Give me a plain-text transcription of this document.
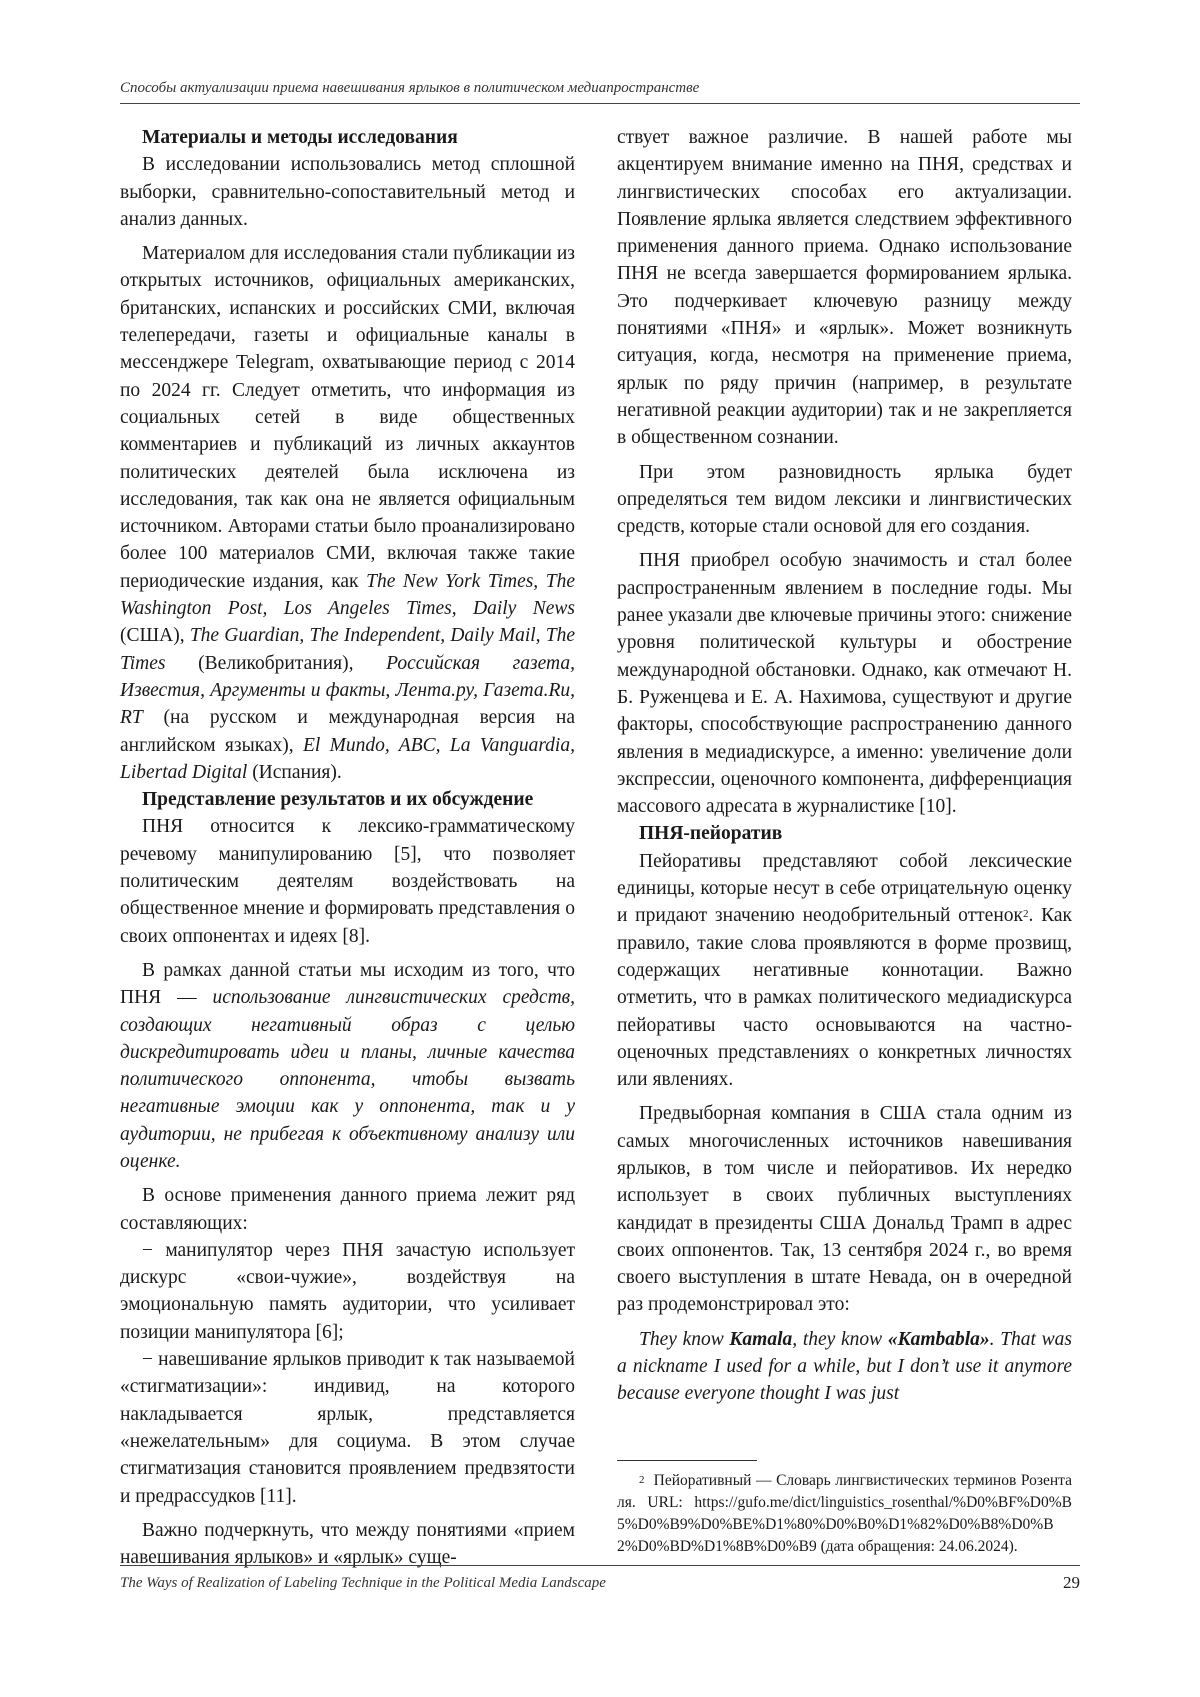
Способы актуализации приема навешивания ярлыков в политическом медиапространстве
Материалы и методы исследования

В исследовании использовались метод сплошной выборки, сравнительно-сопоставительный метод и анализ данных.

Материалом для исследования стали публикации из открытых источников, официальных американских, британских, испанских и российских СМИ, включая телепередачи, газеты и официальные каналы в мессенджере Telegram, охватывающие период с 2014 по 2024 гг. Следует отметить, что информация из социальных сетей в виде общественных комментариев и публикаций из личных аккаунтов политических деятелей была исключена из исследования, так как она не является официальным источником. Авторами статьи было проанализировано более 100 материалов СМИ, включая также такие периодические издания, как The New York Times, The Washington Post, Los Angeles Times, Daily News (США), The Guardian, The Independent, Daily Mail, The Times (Великобритания), Российская газета, Известия, Аргументы и факты, Лента.ру, Газета.Ru, RT (на русском и международная версия на английском языках), El Mundo, ABC, La Vanguardia, Libertad Digital (Испания).

Представление результатов и их обсуждение

ПНЯ относится к лексико-грамматическому речевому манипулированию [5], что позволяет политическим деятелям воздействовать на общественное мнение и формировать представления о своих оппонентах и идеях [8].

В рамках данной статьи мы исходим из того, что ПНЯ — использование лингвистических средств, создающих негативный образ с целью дискредитировать идеи и планы, личные качества политического оппонента, чтобы вызвать негативные эмоции как у оппонента, так и у аудитории, не прибегая к объективному анализу или оценке.

В основе применения данного приема лежит ряд составляющих:

− манипулятор через ПНЯ зачастую использует дискурс «свои-чужие», воздействуя на эмоциональную память аудитории, что усиливает позиции манипулятора [6];

− навешивание ярлыков приводит к так называемой «стигматизации»: индивид, на которого накладывается ярлык, представляется «нежелательным» для социума. В этом случае стигматизация становится проявлением предвзятости и предрассудков [11].

Важно подчеркнуть, что между понятиями «прием навешивания ярлыков» и «ярлык» суще-

ствует важное различие. В нашей работе мы акцентируем внимание именно на ПНЯ, средствах и лингвистических способах его актуализации. Появление ярлыка является следствием эффективного применения данного приема. Однако использование ПНЯ не всегда завершается формированием ярлыка. Это подчеркивает ключевую разницу между понятиями «ПНЯ» и «ярлык». Может возникнуть ситуация, когда, несмотря на применение приема, ярлык по ряду причин (например, в результате негативной реакции аудитории) так и не закрепляется в общественном сознании.

При этом разновидность ярлыка будет определяться тем видом лексики и лингвистических средств, которые стали основой для его создания.

ПНЯ приобрел особую значимость и стал более распространенным явлением в последние годы. Мы ранее указали две ключевые причины этого: снижение уровня политической культуры и обострение международной обстановки. Однако, как отмечают Н. Б. Руженцева и Е. А. Нахимова, существуют и другие факторы, способствующие распространению данного явления в медиадискурсе, а именно: увеличение доли экспрессии, оценочного компонента, дифференциация массового адресата в журналистике [10].

ПНЯ-пейоратив

Пейоративы представляют собой лексические единицы, которые несут в себе отрицательную оценку и придают значению неодобрительный оттенок$^2$. Как правило, такие слова проявляются в форме прозвищ, содержащих негативные коннотации. Важно отметить, что в рамках политического медиадискурса пейоративы часто основываются на частно-оценочных представлениях о конкретных личностях или явлениях.

Предвыборная компания в США стала одним из самых многочисленных источников навешивания ярлыков, в том числе и пейоративов. Их нередко использует в своих публичных выступлениях кандидат в президенты США Дональд Трамп в адрес своих оппонентов. Так, 13 сентября 2024 г., во время своего выступления в штате Невада, он в очередной раз продемонстрировал это:

They know Kamala, they know «Kambabla». That was a nickname I used for a while, but I don’t use it anymore because everyone thought I was just

$^2$ Пейоративный — Словарь лингвистических терминов Розенталя. URL: https://gufo.me/dict/linguistics_rosenthal/%D0%BF%D0%B5%D0%B9%D0%BE%D1%80%D0%B0%D1%82%D0%B8%D0%B2%D0%BD%D1%8B%D0%B9 (дата обращения: 24.06.2024).

The Ways of Realization of Labeling Technique in the Political Media Landscape	29
